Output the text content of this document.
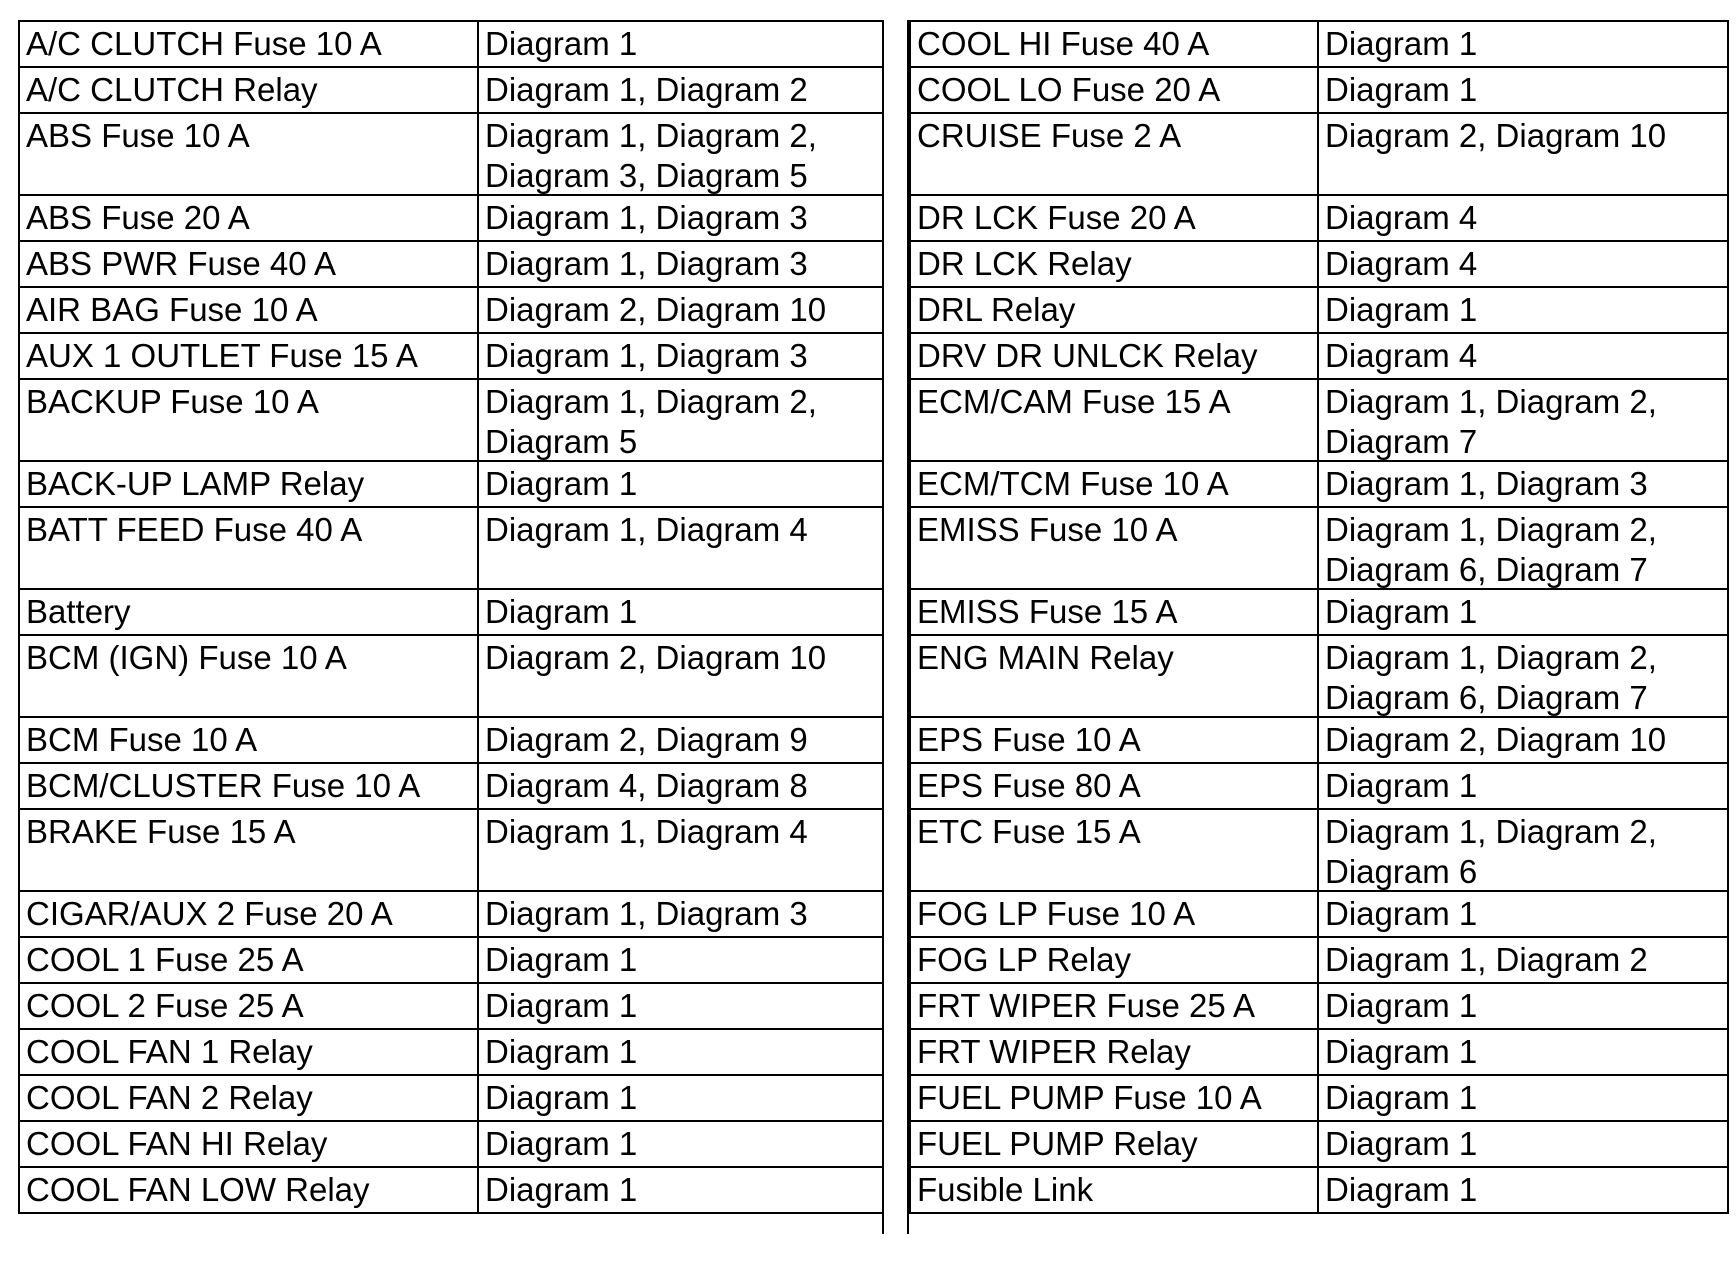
A/C CLUTCH Fuse 10 A	Diagram 1

A/C CLUTCH Relay	Diagram 1, Diagram 2

ABS Fuse 10 A	Diagram 1, Diagram 2,
Diagram 3, Diagram 5

ABS Fuse 20 A	Diagram 1, Diagram 3

ABS PWR Fuse 40 A	Diagram 1, Diagram 3

AIR BAG Fuse 10 A	Diagram 2, Diagram 10

AUX 1 OUTLET Fuse 15 A	Diagram 1, Diagram 3

BACKUP Fuse 10 A	Diagram 1, Diagram 2,
Diagram 5

BACK-UP LAMP Relay	Diagram 1

BATT FEED Fuse 40 A	Diagram 1, Diagram 4

Battery	Diagram 1

BCM (IGN) Fuse 10 A	Diagram 2, Diagram 10

BCM Fuse 10 A	Diagram 2, Diagram 9

BCM/CLUSTER Fuse 10 A	Diagram 4, Diagram 8

BRAKE Fuse 15 A	Diagram 1, Diagram 4

CIGAR/AUX 2 Fuse 20 A	Diagram 1, Diagram 3

COOL 1 Fuse 25 A	Diagram 1

COOL 2 Fuse 25 A	Diagram 1

COOL FAN 1 Relay	Diagram 1

COOL FAN 2 Relay	Diagram 1

COOL FAN HI Relay	Diagram 1

COOL FAN LOW Relay	Diagram 1
COOL HI Fuse 40 A	Diagram 1

COOL LO Fuse 20 A	Diagram 1

CRUISE Fuse 2 A	Diagram 2, Diagram 10

DR LCK Fuse 20 A	Diagram 4

DR LCK Relay	Diagram 4

DRL Relay	Diagram 1

DRV DR UNLCK Relay	Diagram 4

ECM/CAM Fuse 15 A	Diagram 1, Diagram 2,
Diagram 7

ECM/TCM Fuse 10 A	Diagram 1, Diagram 3

EMISS Fuse 10 A	Diagram 1, Diagram 2,
Diagram 6, Diagram 7

EMISS Fuse 15 A	Diagram 1

ENG MAIN Relay	Diagram 1, Diagram 2,
Diagram 6, Diagram 7

EPS Fuse 10 A	Diagram 2, Diagram 10

EPS Fuse 80 A	Diagram 1

ETC Fuse 15 A	Diagram 1, Diagram 2,
Diagram 6

FOG LP Fuse 10 A	Diagram 1

FOG LP Relay	Diagram 1, Diagram 2

FRT WIPER Fuse 25 A	Diagram 1

FRT WIPER Relay	Diagram 1

FUEL PUMP Fuse 10 A	Diagram 1

FUEL PUMP Relay	Diagram 1

Fusible Link	Diagram 1
